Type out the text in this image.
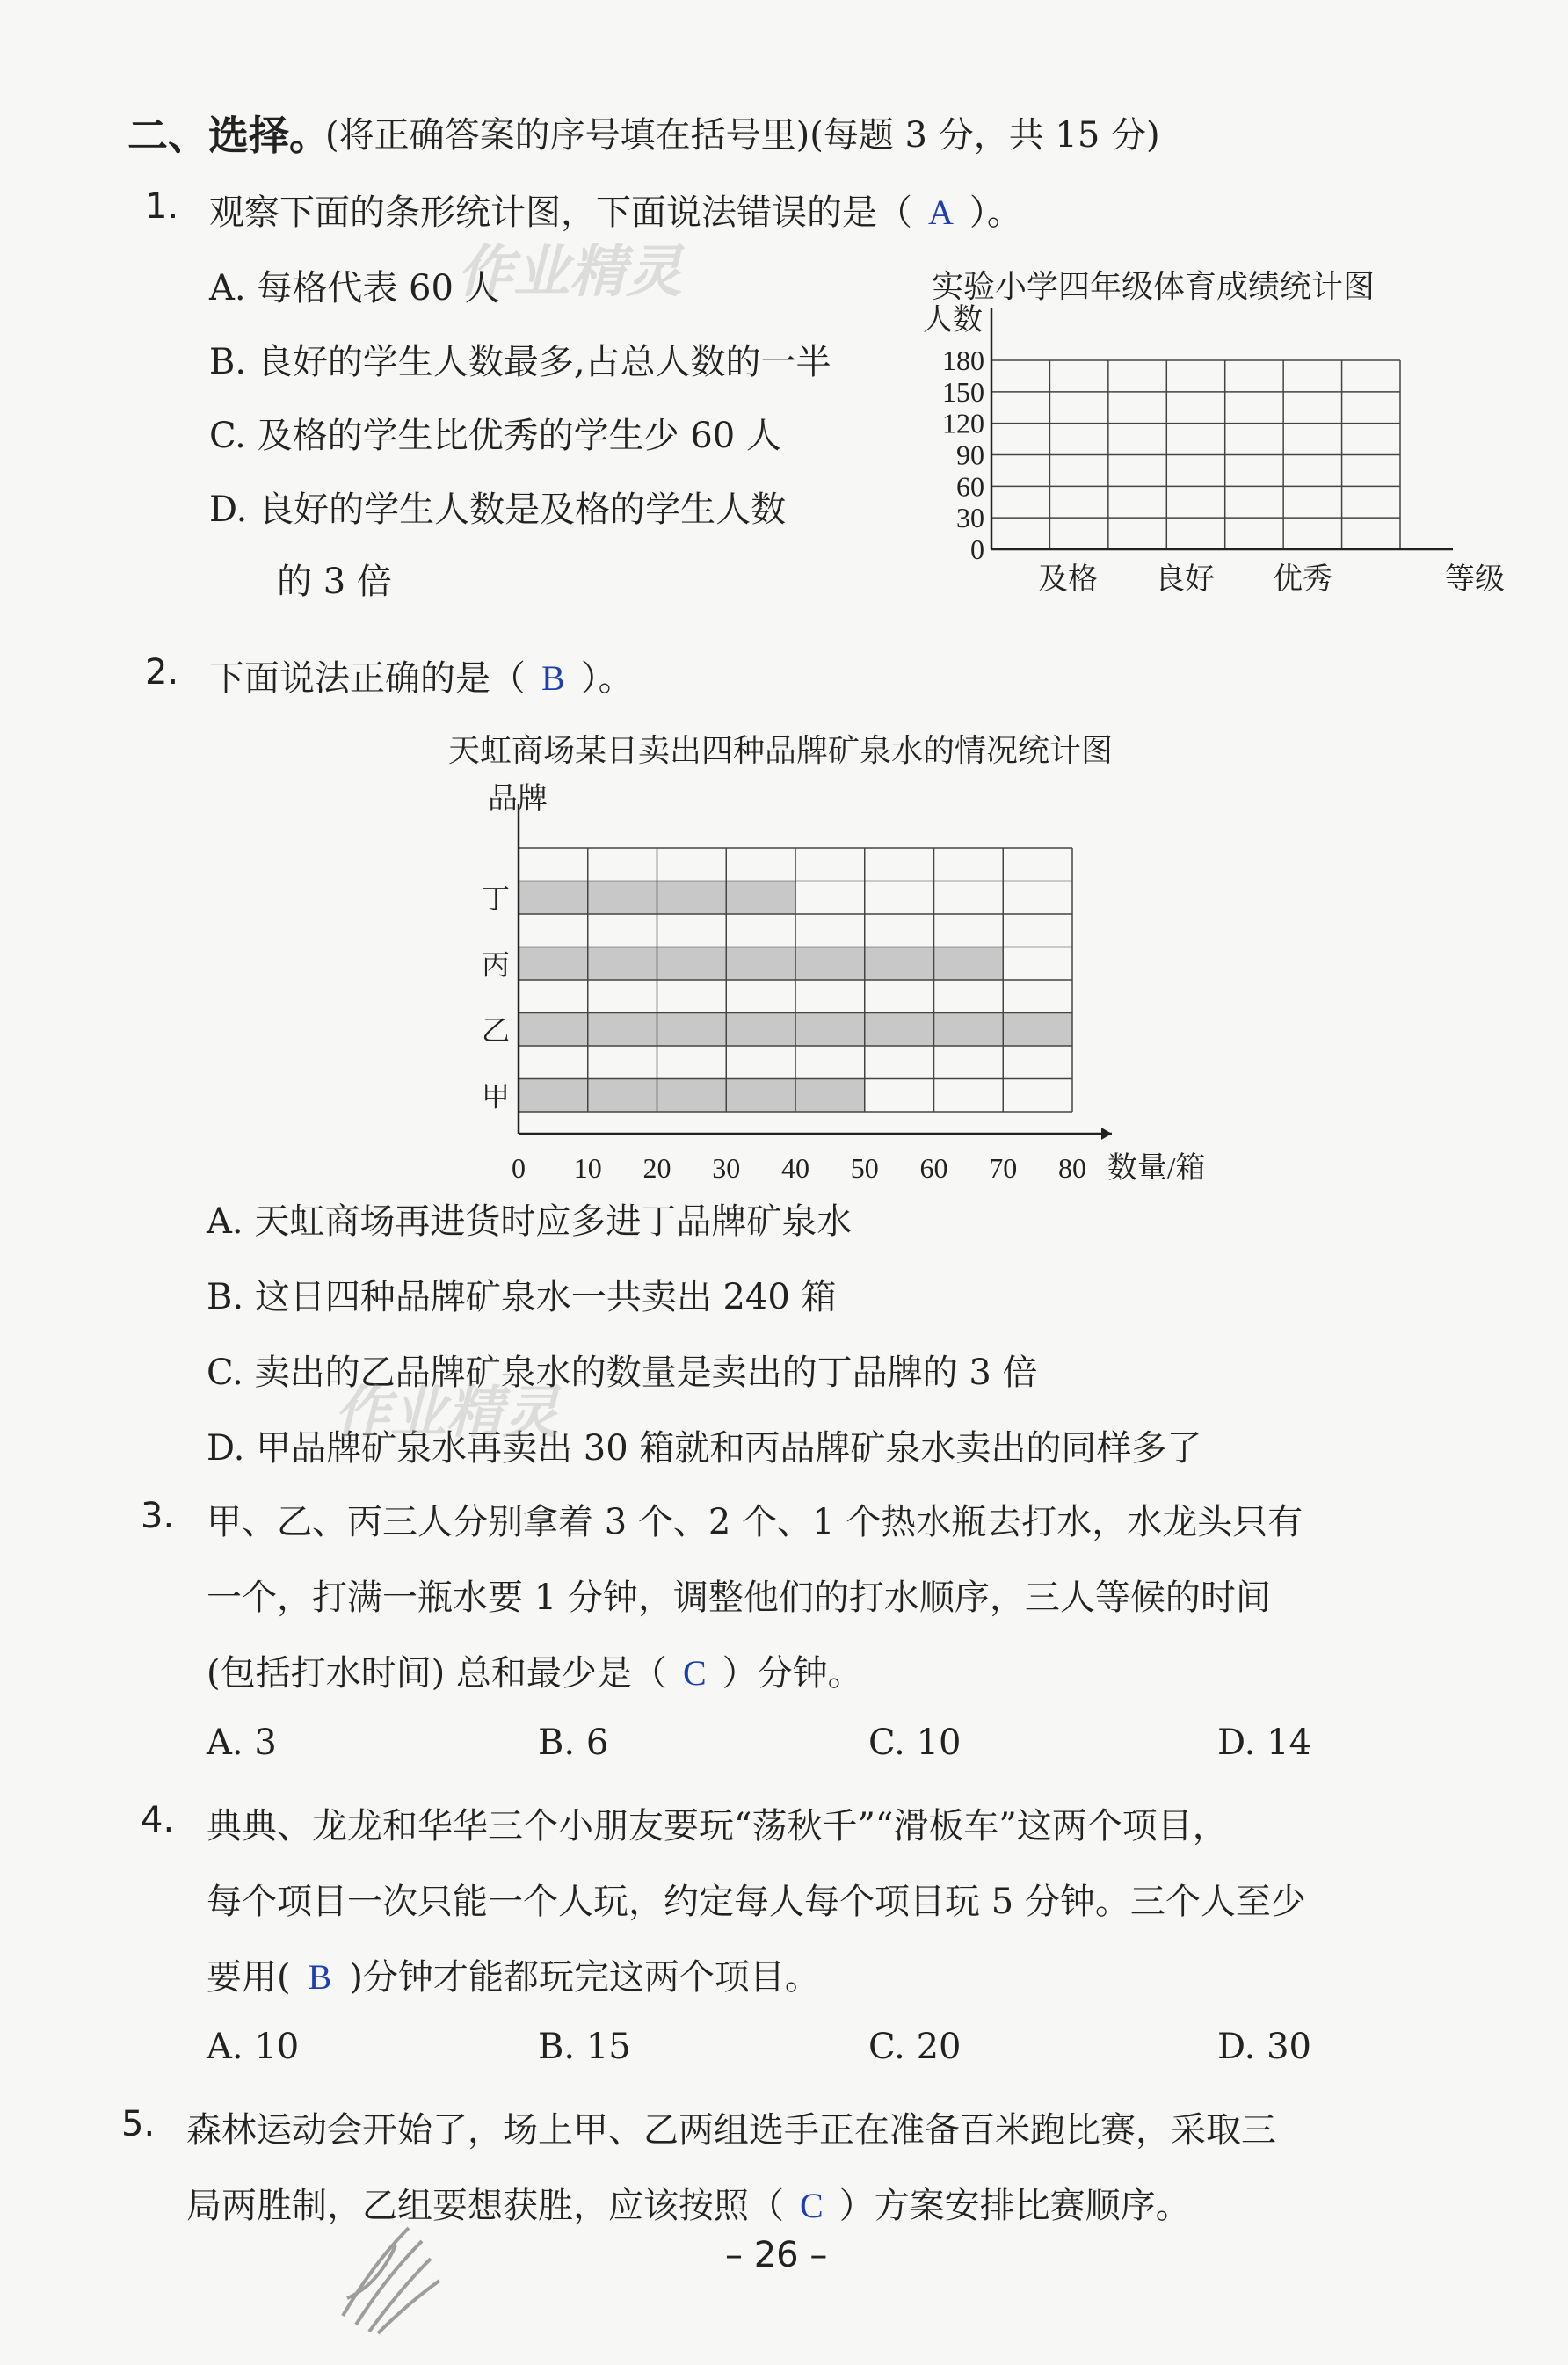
二、选择。
(将正确答案的序号填在括号里)(每题 3 分，共 15 分)
1. 观察下面的条形统计图，下面说法错误的是（ A ）。
A. 每格代表 60 人
B. 良好的学生人数最多,占总人数的一半
C. 及格的学生比优秀的学生少 60 人
D. 良好的学生人数是及格的学生人数
的 3 倍
实验小学四年级体育成绩统计图
0
30
60
90
120
150
180
人数
及格 良好 优秀	等级
2. 下面说法正确的是（ B ）。
天虹商场某日卖出四种品牌矿泉水的情况统计图
丁
丙
乙
甲
0 10 20 30 40 50 60 70 80 数量/箱
品牌
A. 天虹商场再进货时应多进丁品牌矿泉水
B. 这日四种品牌矿泉水一共卖出 240 箱
C. 卖出的乙品牌矿泉水的数量是卖出的丁品牌的 3 倍
D. 甲品牌矿泉水再卖出 30 箱就和丙品牌矿泉水卖出的同样多了
3. 甲、乙、丙三人分别拿着 3 个、2 个、1 个热水瓶去打水，水龙头只有
一个，打满一瓶水要 1 分钟，调整他们的打水顺序，三人等候的时间
(包括打水时间) 总和最少是（ C ）分钟。
A. 3	B. 6	C. 10	D. 14
4. 典典、龙龙和华华三个小朋友要玩“荡秋千”“滑板车”这两个项目，
每个项目一次只能一个人玩，约定每人每个项目玩 5 分钟。三个人至少
要用( B )分钟才能都玩完这两个项目。
A. 10	B. 15	C. 20	D. 30
5. 森林运动会开始了，场上甲、乙两组选手正在准备百米跑比赛，采取三
局两胜制，乙组要想获胜，应该按照（ C ）方案安排比赛顺序。
– 26 –
作业精灵
作业精灵
